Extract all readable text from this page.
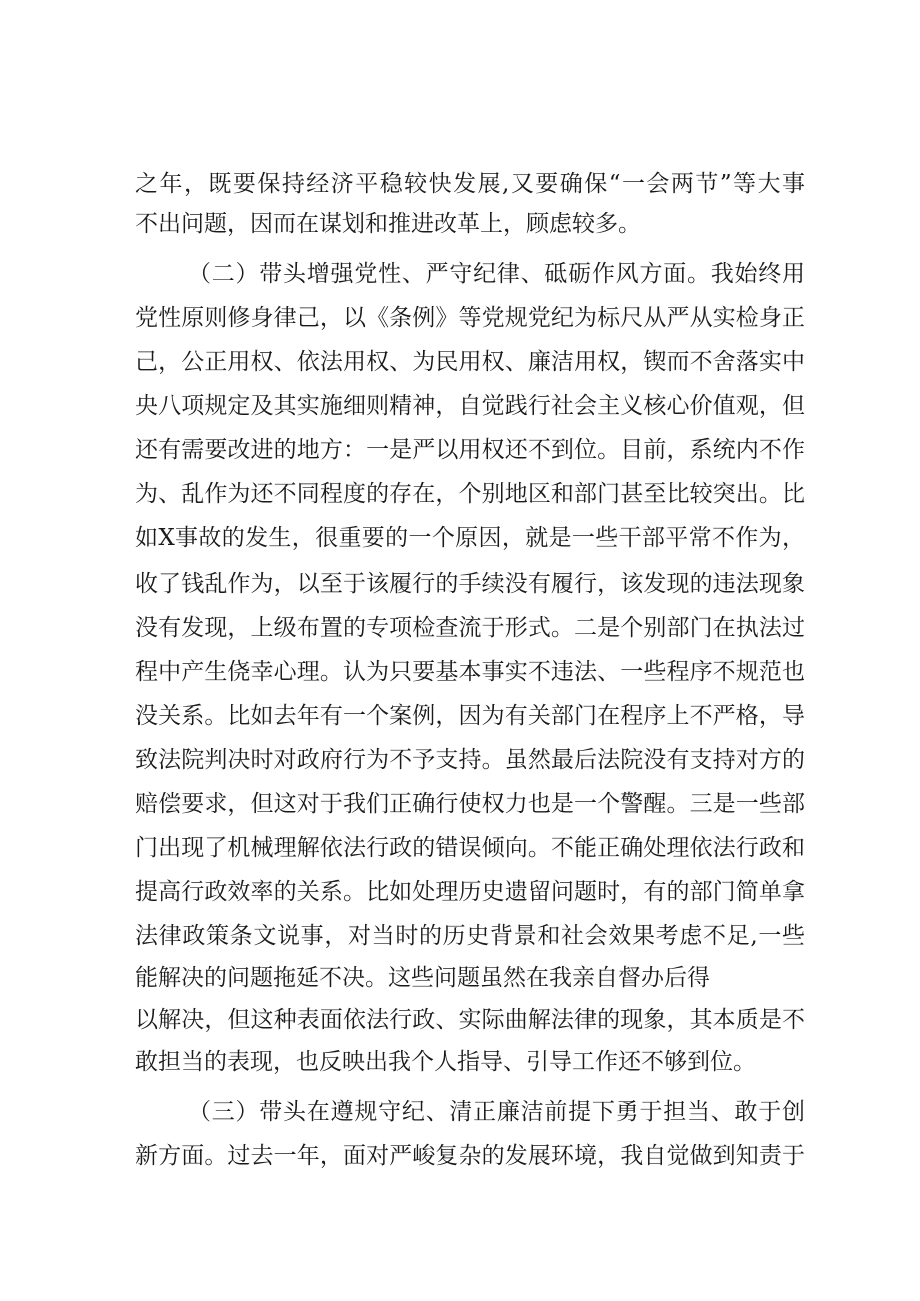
之年，既要保持经济平稳较快发展,又要确保“一会两节”等大事
不出问题，因而在谋划和推进改革上，顾虑较多。
（二）带头增强党性、严守纪律、砥砺作风方面。我始终用
党性原则修身律己，以《条例》等党规党纪为标尺从严从实检身正
己，公正用权、依法用权、为民用权、廉洁用权，锲而不舍落实中
央八项规定及其实施细则精神，自觉践行社会主义核心价值观，但
还有需要改进的地方：一是严以用权还不到位。目前，系统内不作
为、乱作为还不同程度的存在，个别地区和部门甚至比较突出。比
如X事故的发生，很重要的一个原因，就是一些干部平常不作为，
收了钱乱作为，以至于该履行的手续没有履行，该发现的违法现象
没有发现，上级布置的专项检查流于形式。二是个别部门在执法过
程中产生侥幸心理。认为只要基本事实不违法、一些程序不规范也
没关系。比如去年有一个案例，因为有关部门在程序上不严格，导
致法院判决时对政府行为不予支持。虽然最后法院没有支持对方的
赔偿要求，但这对于我们正确行使权力也是一个警醒。三是一些部
门出现了机械理解依法行政的错误倾向。不能正确处理依法行政和
提高行政效率的关系。比如处理历史遗留问题时，有的部门简单拿
法律政策条文说事，对当时的历史背景和社会效果考虑不足,一些
能解决的问题拖延不决。这些问题虽然在我亲自督办后得
以解决，但这种表面依法行政、实际曲解法律的现象，其本质是不
敢担当的表现，也反映出我个人指导、引导工作还不够到位。
（三）带头在遵规守纪、清正廉洁前提下勇于担当、敢于创
新方面。过去一年，面对严峻复杂的发展环境，我自觉做到知责于
